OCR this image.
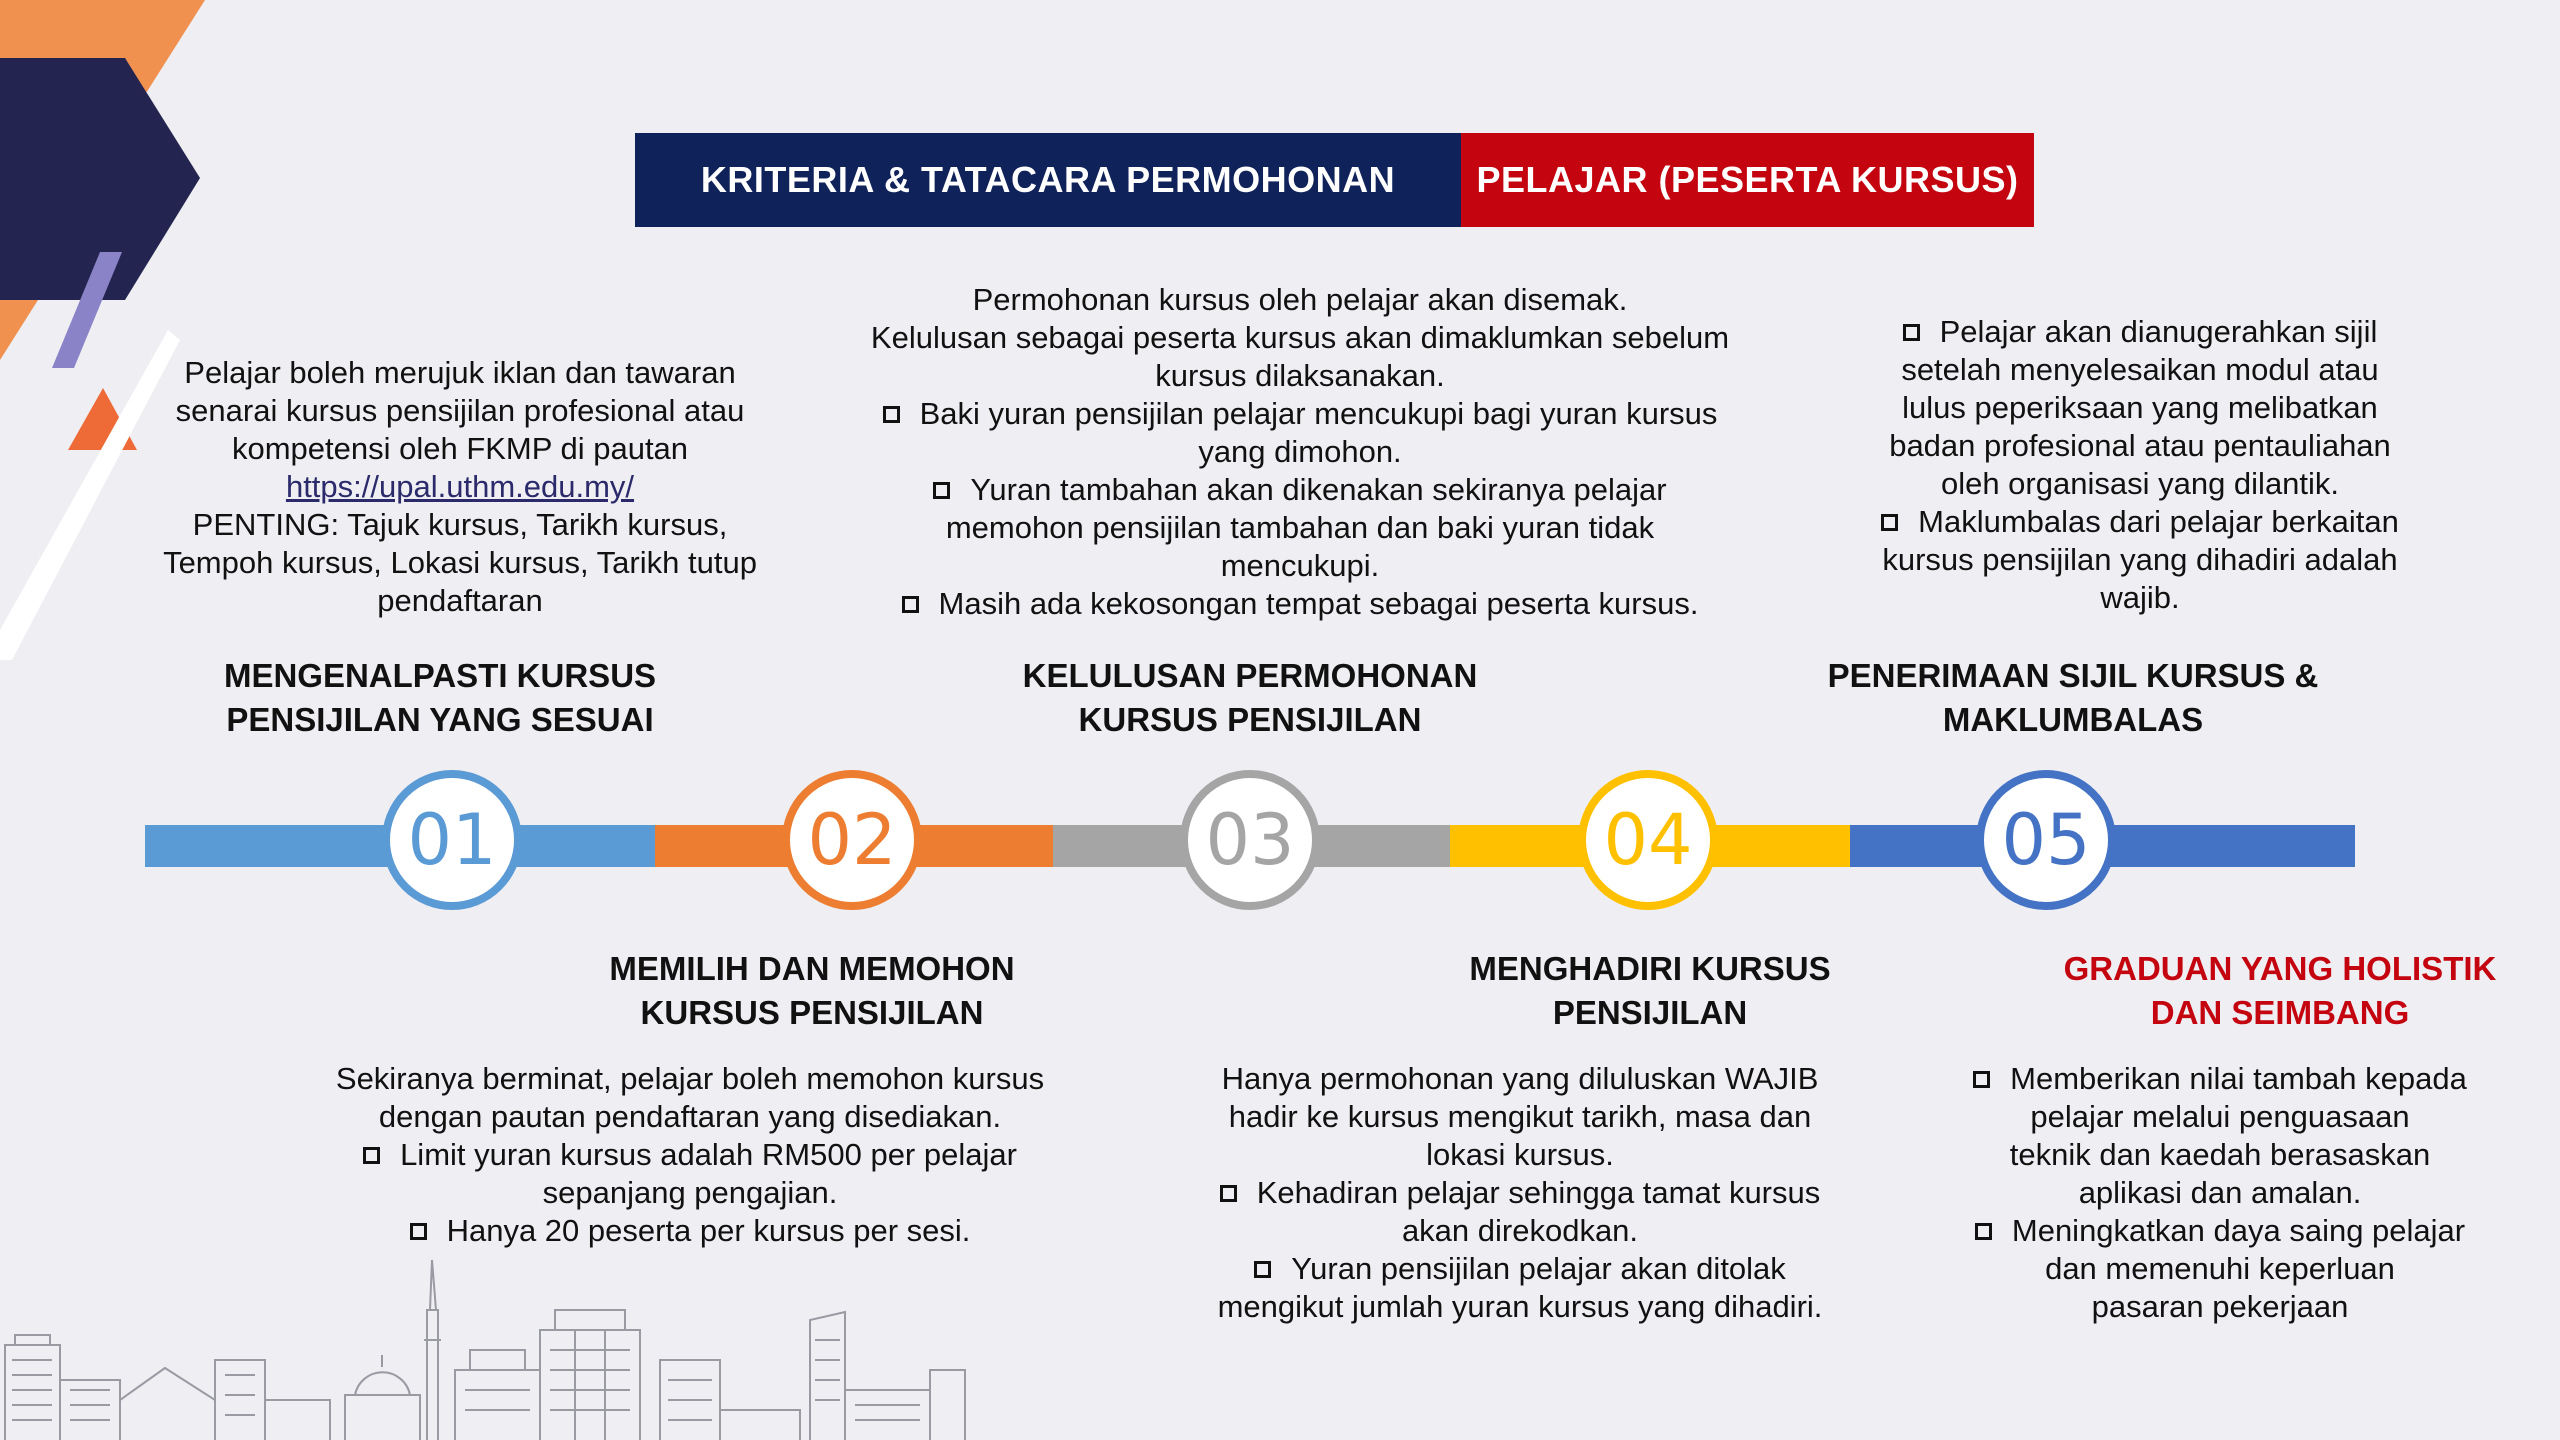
KRITERIA & TATACARA PERMOHONAN	PELAJAR (PESERTA KURSUS)
01	02	03	04	05

Pelajar boleh merujuk iklan dan tawaran

senarai kursus pensijilan profesional atau

kompetensi oleh FKMP di pautan

https://upal.uthm.edu.my/

PENTING: Tajuk kursus, Tarikh kursus,

Tempoh kursus, Lokasi kursus, Tarikh tutup

pendaftaran

MENGENALPASTI KURSUS
PENSIJILAN YANG SESUAI
MEMILIH DAN MEMOHON
KURSUS PENSIJILAN

Sekiranya berminat, pelajar boleh memohon kursus

dengan pautan pendaftaran yang disediakan.

Limit yuran kursus adalah RM500 per pelajar

sepanjang pengajian.

Hanya 20 peserta per kursus per sesi.

Permohonan kursus oleh pelajar akan disemak.

Kelulusan sebagai peserta kursus akan dimaklumkan sebelum

kursus dilaksanakan.

Baki yuran pensijilan pelajar mencukupi bagi yuran kursus

yang dimohon.

Yuran tambahan akan dikenakan sekiranya pelajar

memohon pensijilan tambahan dan baki yuran tidak

mencukupi.

Masih ada kekosongan tempat sebagai peserta kursus.

KELULUSAN PERMOHONAN
KURSUS PENSIJILAN
MENGHADIRI KURSUS
PENSIJILAN

Hanya permohonan yang diluluskan WAJIB

hadir ke kursus mengikut tarikh, masa dan

lokasi kursus.

Kehadiran pelajar sehingga tamat kursus

akan direkodkan.

Yuran pensijilan pelajar akan ditolak

mengikut jumlah yuran kursus yang dihadiri.

Pelajar akan dianugerahkan sijil

setelah menyelesaikan modul atau

lulus peperiksaan yang melibatkan

badan profesional atau pentauliahan

oleh organisasi yang dilantik.

Maklumbalas dari pelajar berkaitan

kursus pensijilan yang dihadiri adalah

wajib.

PENERIMAAN SIJIL KURSUS &
MAKLUMBALAS
GRADUAN YANG HOLISTIK
DAN SEIMBANG

Memberikan nilai tambah kepada

pelajar melalui penguasaan

teknik dan kaedah berasaskan

aplikasi dan amalan.

Meningkatkan daya saing pelajar

dan memenuhi keperluan

pasaran pekerjaan
